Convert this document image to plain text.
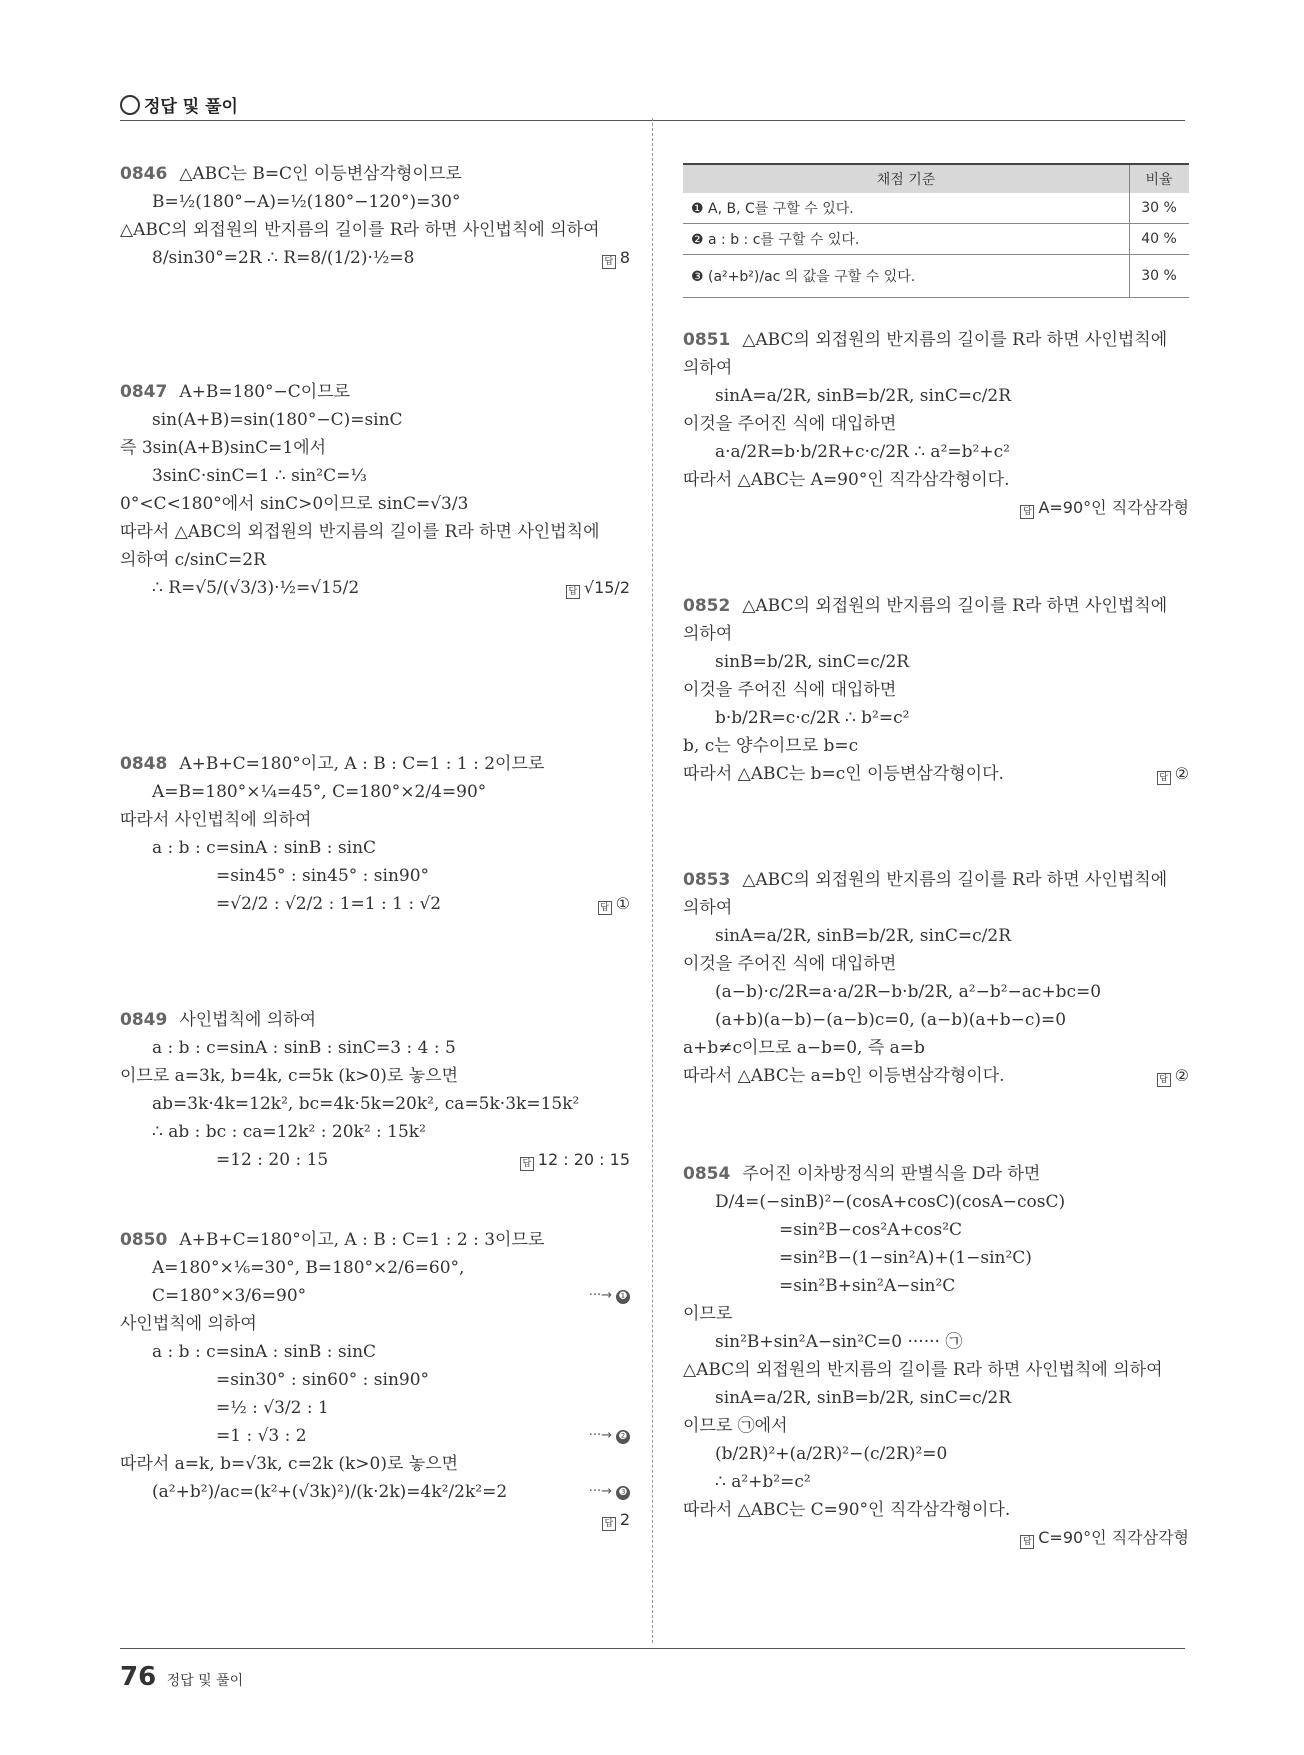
정답 및 풀이
0846 △ABC는 B=C인 이등변삼각형이므로
B=½(180°−A)=½(180°−120°)=30°
△ABC의 외접원의 반지름의 길이를 R라 하면 사인법칙에 의하여
8/sin30°=2R ∴ R=8/(1/2)·½=8	답 8
0847 A+B=180°−C이므로
sin(A+B)=sin(180°−C)=sinC
즉 3sin(A+B)sinC=1에서
3sinC·sinC=1 ∴ sin²C=⅓
0°<C<180°에서 sinC>0이므로 sinC=√3/3
따라서 △ABC의 외접원의 반지름의 길이를 R라 하면 사인법칙에
의하여 c/sinC=2R
∴ R=√5/(√3/3)·½=√15/2	답 √15/2
0848 A+B+C=180°이고, A : B : C=1 : 1 : 2이므로
A=B=180°×¼=45°, C=180°×2/4=90°
따라서 사인법칙에 의하여
a : b : c=sinA : sinB : sinC
=sin45° : sin45° : sin90°
=√2/2 : √2/2 : 1=1 : 1 : √2	답 ①
0849 사인법칙에 의하여
a : b : c=sinA : sinB : sinC=3 : 4 : 5
이므로 a=3k, b=4k, c=5k (k>0)로 놓으면
ab=3k·4k=12k², bc=4k·5k=20k², ca=5k·3k=15k²
∴ ab : bc : ca=12k² : 20k² : 15k²
=12 : 20 : 15	답 12 : 20 : 15
0850 A+B+C=180°이고, A : B : C=1 : 2 : 3이므로
A=180°×⅙=30°, B=180°×2/6=60°,
C=180°×3/6=90°	···→ ❶
사인법칙에 의하여
a : b : c=sinA : sinB : sinC
=sin30° : sin60° : sin90°
=½ : √3/2 : 1
=1 : √3 : 2	···→ ❷
따라서 a=k, b=√3k, c=2k (k>0)로 놓으면
(a²+b²)/ac=(k²+(√3k)²)/(k·2k)=4k²/2k²=2	···→ ❸
답 2
채점 기준	비율
❶ A, B, C를 구할 수 있다.	30 %
❷ a : b : c를 구할 수 있다.	40 %
❸ (a²+b²)/ac 의 값을 구할 수 있다.	30 %
0851 △ABC의 외접원의 반지름의 길이를 R라 하면 사인법칙에
의하여
sinA=a/2R, sinB=b/2R, sinC=c/2R
이것을 주어진 식에 대입하면
a·a/2R=b·b/2R+c·c/2R ∴ a²=b²+c²
따라서 △ABC는 A=90°인 직각삼각형이다.
답 A=90°인 직각삼각형
0852 △ABC의 외접원의 반지름의 길이를 R라 하면 사인법칙에
의하여
sinB=b/2R, sinC=c/2R
이것을 주어진 식에 대입하면
b·b/2R=c·c/2R ∴ b²=c²
b, c는 양수이므로 b=c
따라서 △ABC는 b=c인 이등변삼각형이다.	답 ②
0853 △ABC의 외접원의 반지름의 길이를 R라 하면 사인법칙에
의하여
sinA=a/2R, sinB=b/2R, sinC=c/2R
이것을 주어진 식에 대입하면
(a−b)·c/2R=a·a/2R−b·b/2R, a²−b²−ac+bc=0
(a+b)(a−b)−(a−b)c=0, (a−b)(a+b−c)=0
a+b≠c이므로 a−b=0, 즉 a=b
따라서 △ABC는 a=b인 이등변삼각형이다.	답 ②
0854 주어진 이차방정식의 판별식을 D라 하면
D/4=(−sinB)²−(cosA+cosC)(cosA−cosC)
=sin²B−cos²A+cos²C
=sin²B−(1−sin²A)+(1−sin²C)
=sin²B+sin²A−sin²C
이므로
sin²B+sin²A−sin²C=0 ······ ㉠
△ABC의 외접원의 반지름의 길이를 R라 하면 사인법칙에 의하여
sinA=a/2R, sinB=b/2R, sinC=c/2R
이므로 ㉠에서
(b/2R)²+(a/2R)²−(c/2R)²=0
∴ a²+b²=c²
따라서 △ABC는 C=90°인 직각삼각형이다.
답 C=90°인 직각삼각형
76 정답 및 풀이
